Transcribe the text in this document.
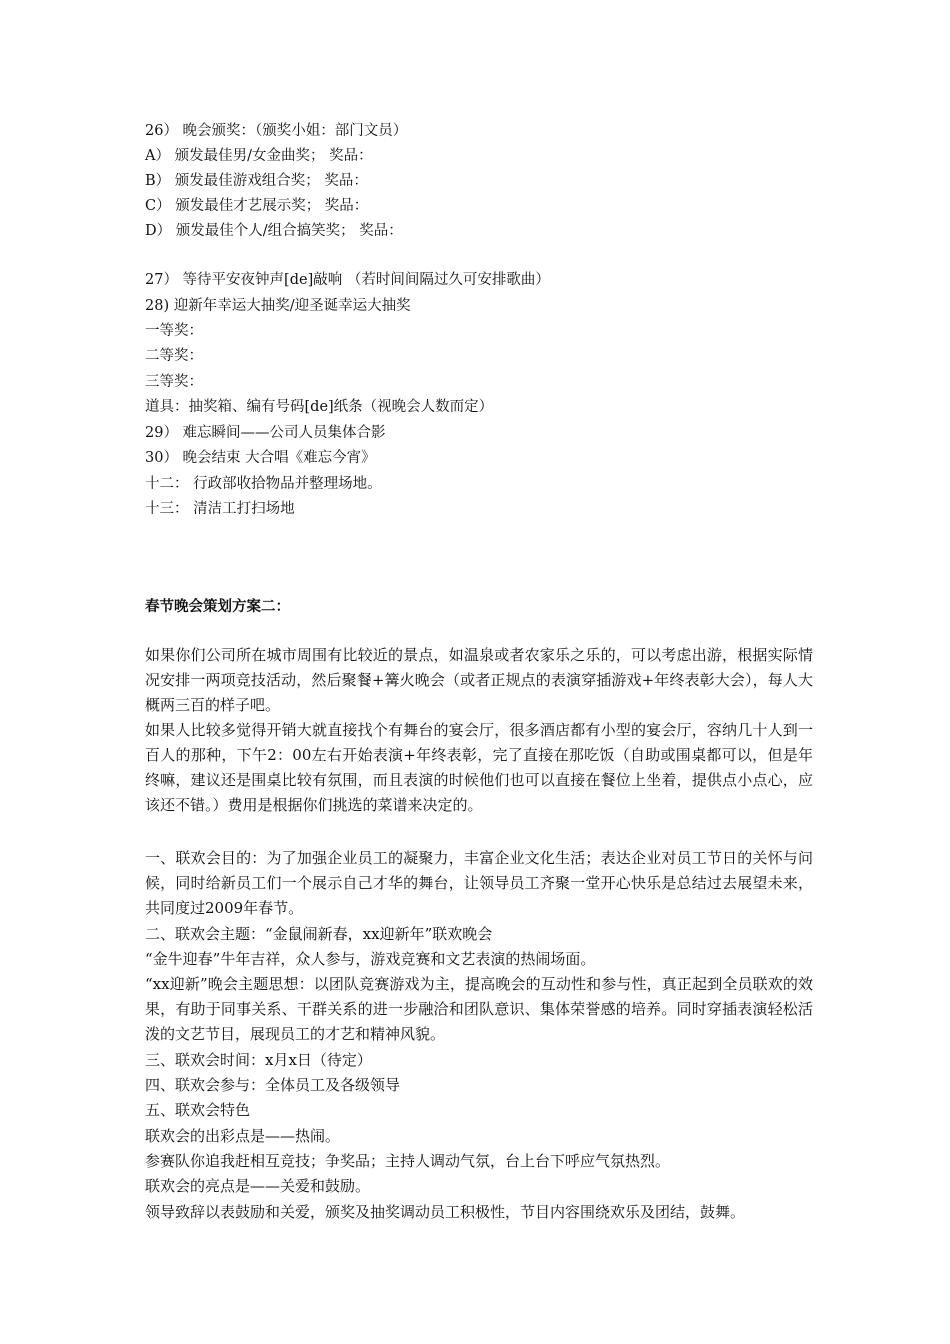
26） 晚会颁奖：（颁奖小姐：部门文员）
A） 颁发最佳男/女金曲奖； 奖品：
B） 颁发最佳游戏组合奖； 奖品：
C） 颁发最佳才艺展示奖； 奖品：
D） 颁发最佳个人/组合搞笑奖； 奖品：
27） 等待平安夜钟声[de]敲响 （若时间间隔过久可安排歌曲）
28) 迎新年幸运大抽奖/迎圣诞幸运大抽奖
一等奖：
二等奖：
三等奖：
道具：抽奖箱、编有号码[de]纸条（视晚会人数而定）
29） 难忘瞬间——公司人员集体合影
30） 晚会结束 大合唱《难忘今宵》
十二： 行政部收拾物品并整理场地。
十三： 清洁工打扫场地
春节晚会策划方案二：
如果你们公司所在城市周围有比较近的景点，如温泉或者农家乐之乐的，可以考虑出游，根据实际情况安排一两项竞技活动，然后聚餐+篝火晚会（或者正规点的表演穿插游戏+年终表彰大会），每人大概两三百的样子吧。
如果人比较多觉得开销大就直接找个有舞台的宴会厅，很多酒店都有小型的宴会厅，容纳几十人到一百人的那种，下午2：00左右开始表演+年终表彰，完了直接在那吃饭（自助或围桌都可以，但是年终嘛，建议还是围桌比较有氛围，而且表演的时候他们也可以直接在餐位上坐着，提供点小点心，应该还不错。）费用是根据你们挑选的菜谱来决定的。
一、联欢会目的：为了加强企业员工的凝聚力，丰富企业文化生活；表达企业对员工节日的关怀与问候，同时给新员工们一个展示自己才华的舞台，让领导员工齐聚一堂开心快乐是总结过去展望未来，共同度过2009年春节。
二、联欢会主题：“金鼠闹新春，xx迎新年”联欢晚会
“金牛迎春”牛年吉祥，众人参与，游戏竞赛和文艺表演的热闹场面。
“xx迎新”晚会主题思想：以团队竞赛游戏为主，提高晚会的互动性和参与性，真正起到全员联欢的效果，有助于同事关系、干群关系的进一步融洽和团队意识、集体荣誉感的培养。同时穿插表演轻松活泼的文艺节目，展现员工的才艺和精神风貌。
三、联欢会时间：x月x日（待定）
四、联欢会参与：全体员工及各级领导
五、联欢会特色
联欢会的出彩点是——热闹。
参赛队你追我赶相互竞技；争奖品；主持人调动气氛，台上台下呼应气氛热烈。
联欢会的亮点是——关爱和鼓励。
领导致辞以表鼓励和关爱，颁奖及抽奖调动员工积极性，节目内容围绕欢乐及团结，鼓舞。
